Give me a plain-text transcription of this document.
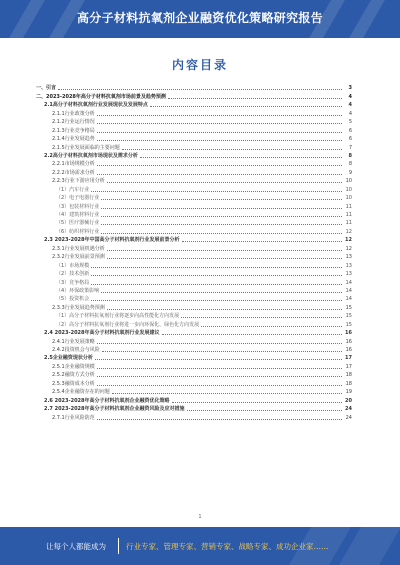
高分子材料抗氧剂企业融资优化策略研究报告
内容目录
一、引言	3
二、2023-2028年高分子材料抗氧剂市场前景及趋势预测	4
2.1高分子材料抗氧剂行业发展现状及发展特点	4
2.1.1行业政策分析	4
2.1.2行业运行情况	5
2.1.3行业竞争格局	6
2.1.4行业发展趋势	6
2.1.5行业发展面临的主要问题	7
2.2高分子材料抗氧剂市场现状及需求分析	8
2.2.1市场规模分析	8
2.2.2市场需求分析	9
2.2.3行业下游应用分析	10
（1）汽车行业	10
（2）电子电器行业	10
（3）包装材料行业	11
（4）建筑材料行业	11
（5）医疗器械行业	11
（6）纺织材料行业	12
2.3 2023-2028年中国高分子材料抗氧剂行业发展前景分析	12
2.3.1行业发展机遇分析	12
2.3.2行业发展前景预测	13
（1）市场规模	13
（2）技术创新	13
（3）竞争格局	14
（4）环保政策影响	14
（5）投资机会	14
2.3.3行业发展趋势预测	15
（1）高分子材料抗氧剂行业将逐步向高性能化方向发展	15
（2）高分子材料抗氧剂行业将进一步向环保化、绿色化方向发展	15
2.4 2023-2028年高分子材料抗氧剂行业发展建议	16
2.4.1行业发展策略	16
2.4.2投资机会与风险	16
2.5企业融资现状分析	17
2.5.1企业融资规模	17
2.5.2融资方式分析	18
2.5.3融资成本分析	18
2.5.4企业融资存在的问题	19
2.6 2023-2028年高分子材料抗氧剂企业融资优化策略	20
2.7 2023-2028年高分子材料抗氧剂企业融资风险及应对措施	24
2.7.1行业风险防范	24
1
让每个人都能成为	行业专家、管理专家、营销专家、战略专家、成功企业家……
